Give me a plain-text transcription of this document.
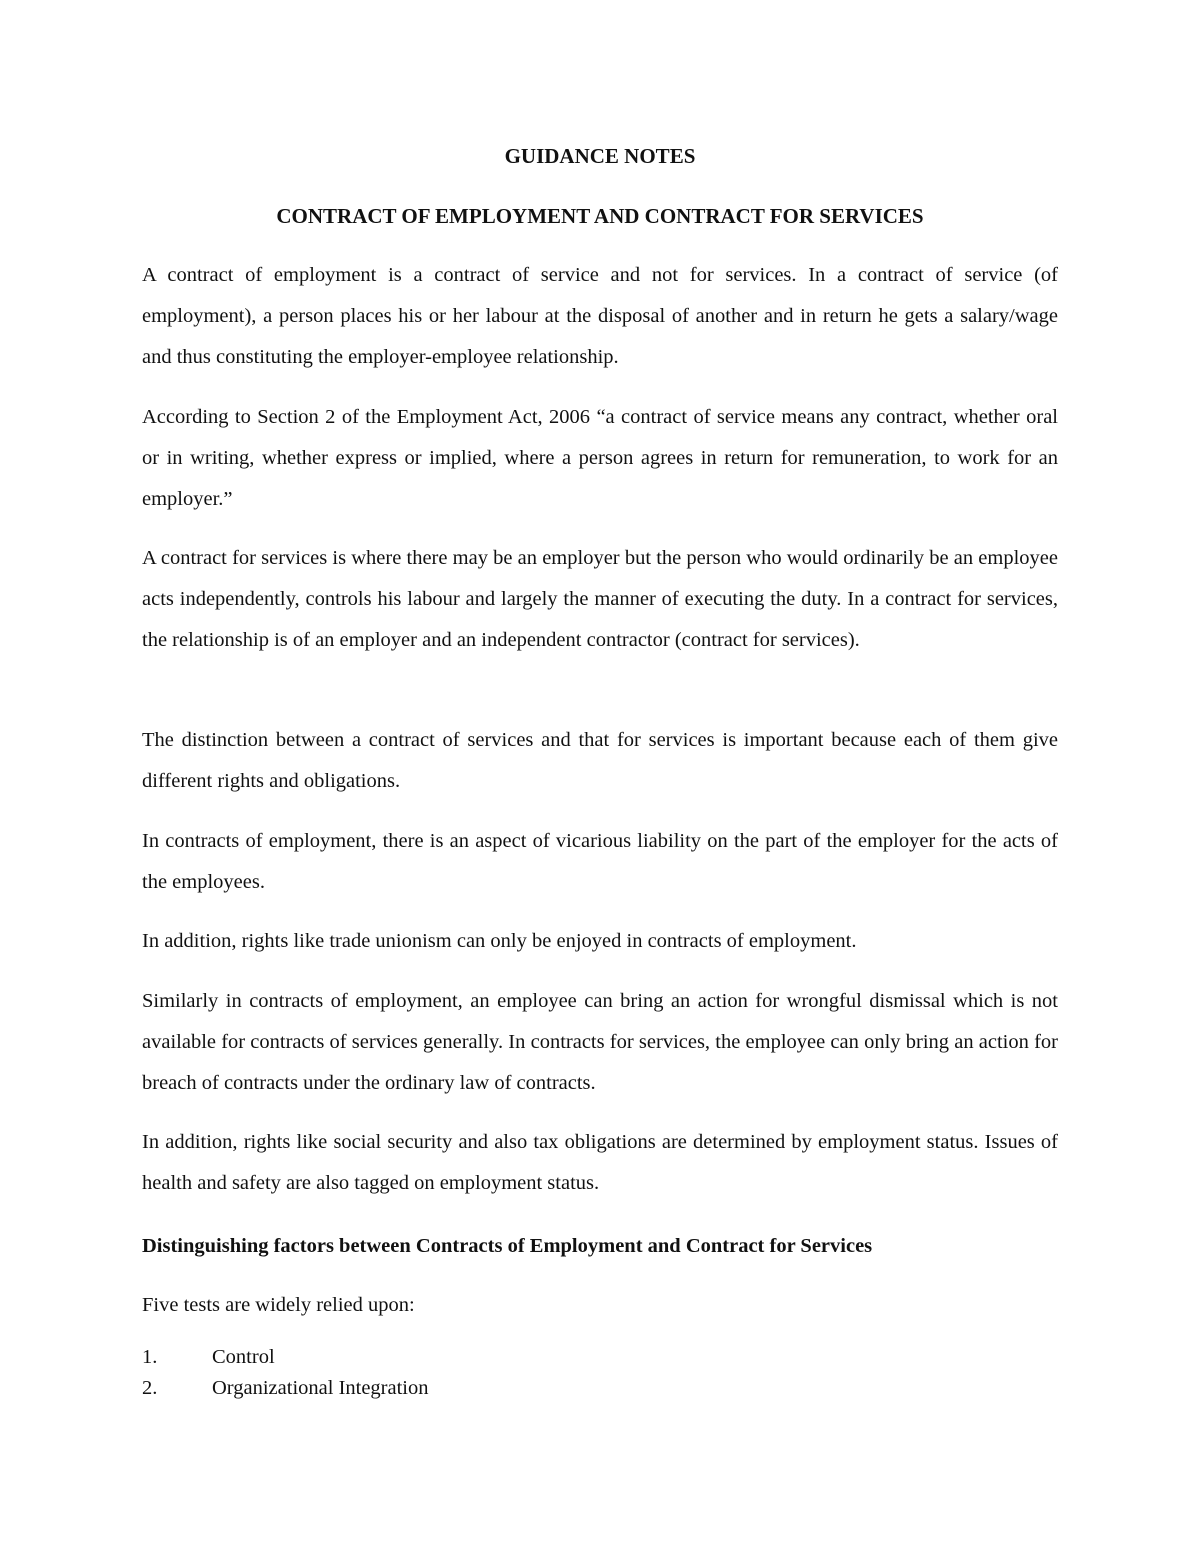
GUIDANCE NOTES
CONTRACT OF EMPLOYMENT AND CONTRACT FOR SERVICES

A contract of employment is a contract of service and not for services. In a contract of service (of employment), a person places his or her labour at the disposal of another and in return he gets a salary/wage and thus constituting the employer-employee relationship.

According to Section 2 of the Employment Act, 2006 “a contract of service means any contract, whether oral or in writing, whether express or implied, where a person agrees in return for remuneration, to work for an employer.”

A contract for services is where there may be an employer but the person who would ordinarily be an employee acts independently, controls his labour and largely the manner of executing the duty. In a contract for services, the relationship is of an employer and an independent contractor (contract for services).

The distinction between a contract of services and that for services is important because each of them give different rights and obligations.

In contracts of employment, there is an aspect of vicarious liability on the part of the employer for the acts of the employees.

In addition, rights like trade unionism can only be enjoyed in contracts of employment.

Similarly in contracts of employment, an employee can bring an action for wrongful dismissal which is not available for contracts of services generally. In contracts for services, the employee can only bring an action for breach of contracts under the ordinary law of contracts.

In addition, rights like social security and also tax obligations are determined by employment status. Issues of health and safety are also tagged on employment status.

Distinguishing factors between Contracts of Employment and Contract for Services

Five tests are widely relied upon:

1.	Control
2.	Organizational Integration
